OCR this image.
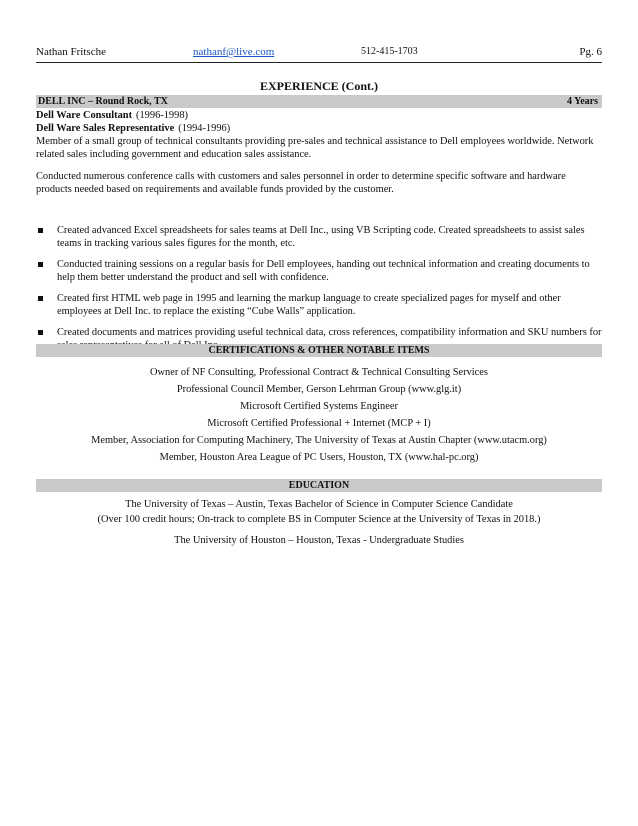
Nathan Fritsche	nathanf@live.com	512-415-1703	Pg. 6
EXPERIENCE (Cont.)
DELL INC – Round Rock, TX	4 Years
Dell Ware Consultant (1996-1998)
Dell Ware Sales Representative (1994-1996)
Member of a small group of technical consultants providing pre-sales and technical assistance to Dell employees worldwide. Network related sales including government and education sales assistance.
Conducted numerous conference calls with customers and sales personnel in order to determine specific software and hardware products needed based on requirements and available funds provided by the customer.
Created advanced Excel spreadsheets for sales teams at Dell Inc., using VB Scripting code. Created spreadsheets to assist sales teams in tracking various sales figures for the month, etc.
Conducted training sessions on a regular basis for Dell employees, handing out technical information and creating documents to help them better understand the product and sell with confidence.
Created first HTML web page in 1995 and learning the markup language to create specialized pages for myself and other employees at Dell Inc. to replace the existing “Cube Walls” application.
Created documents and matrices providing useful technical data, cross references, compatibility information and SKU numbers for
CERTIFICATIONS & OTHER NOTABLE ITEMS
Owner of NF Consulting, Professional Contract & Technical Consulting Services
Professional Council Member, Gerson Lehrman Group (www.glg.it)
Microsoft Certified Systems Engineer
Microsoft Certified Professional + Internet (MCP + I)
Member, Association for Computing Machinery, The University of Texas at Austin Chapter (www.utacm.org)
Member, Houston Area League of PC Users, Houston, TX (www.hal-pc.org)
EDUCATION
The University of Texas – Austin, Texas Bachelor of Science in Computer Science Candidate
(Over 100 credit hours; On-track to complete BS in Computer Science at the University of Texas in 2018.)
The University of Houston – Houston, Texas - Undergraduate Studies
